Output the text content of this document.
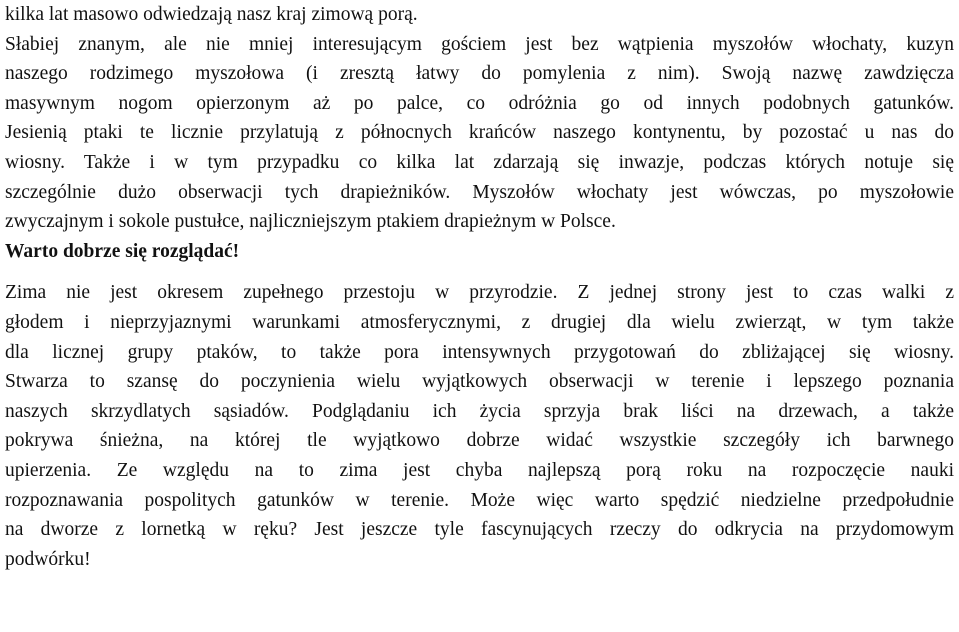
kilka lat masowo odwiedzają nasz kraj zimową porą.
Słabiej znanym, ale nie mniej interesującym gościem jest bez wątpienia myszołów włochaty, kuzyn
naszego rodzimego myszołowa (i zresztą łatwy do pomylenia z nim). Swoją nazwę zawdzięcza
masywnym nogom opierzonym aż po palce, co odróżnia go od innych podobnych gatunków.
Jesienią ptaki te licznie przylatują z północnych krańców naszego kontynentu, by pozostać u nas do
wiosny. Także i w tym przypadku co kilka lat zdarzają się inwazje, podczas których notuje się
szczególnie dużo obserwacji tych drapieżników. Myszołów włochaty jest wówczas, po myszołowie
zwyczajnym i sokole pustułce, najliczniejszym ptakiem drapieżnym w Polsce.
Warto dobrze się rozglądać!
Zima nie jest okresem zupełnego przestoju w przyrodzie. Z jednej strony jest to czas walki z
głodem i nieprzyjaznymi warunkami atmosferycznymi, z drugiej dla wielu zwierząt, w tym także
dla licznej grupy ptaków, to także pora intensywnych przygotowań do zbliżającej się wiosny.
Stwarza to szansę do poczynienia wielu wyjątkowych obserwacji w terenie i lepszego poznania
naszych skrzydlatych sąsiadów. Podglądaniu ich życia sprzyja brak liści na drzewach, a także
pokrywa śnieżna, na której tle wyjątkowo dobrze widać wszystkie szczegóły ich barwnego
upierzenia. Ze względu na to zima jest chyba najlepszą porą roku na rozpoczęcie nauki
rozpoznawania pospolitych gatunków w terenie. Może więc warto spędzić niedzielne przedpołudnie
na dworze z lornetką w ręku? Jest jeszcze tyle fascynujących rzeczy do odkrycia na przydomowym
podwórku!
